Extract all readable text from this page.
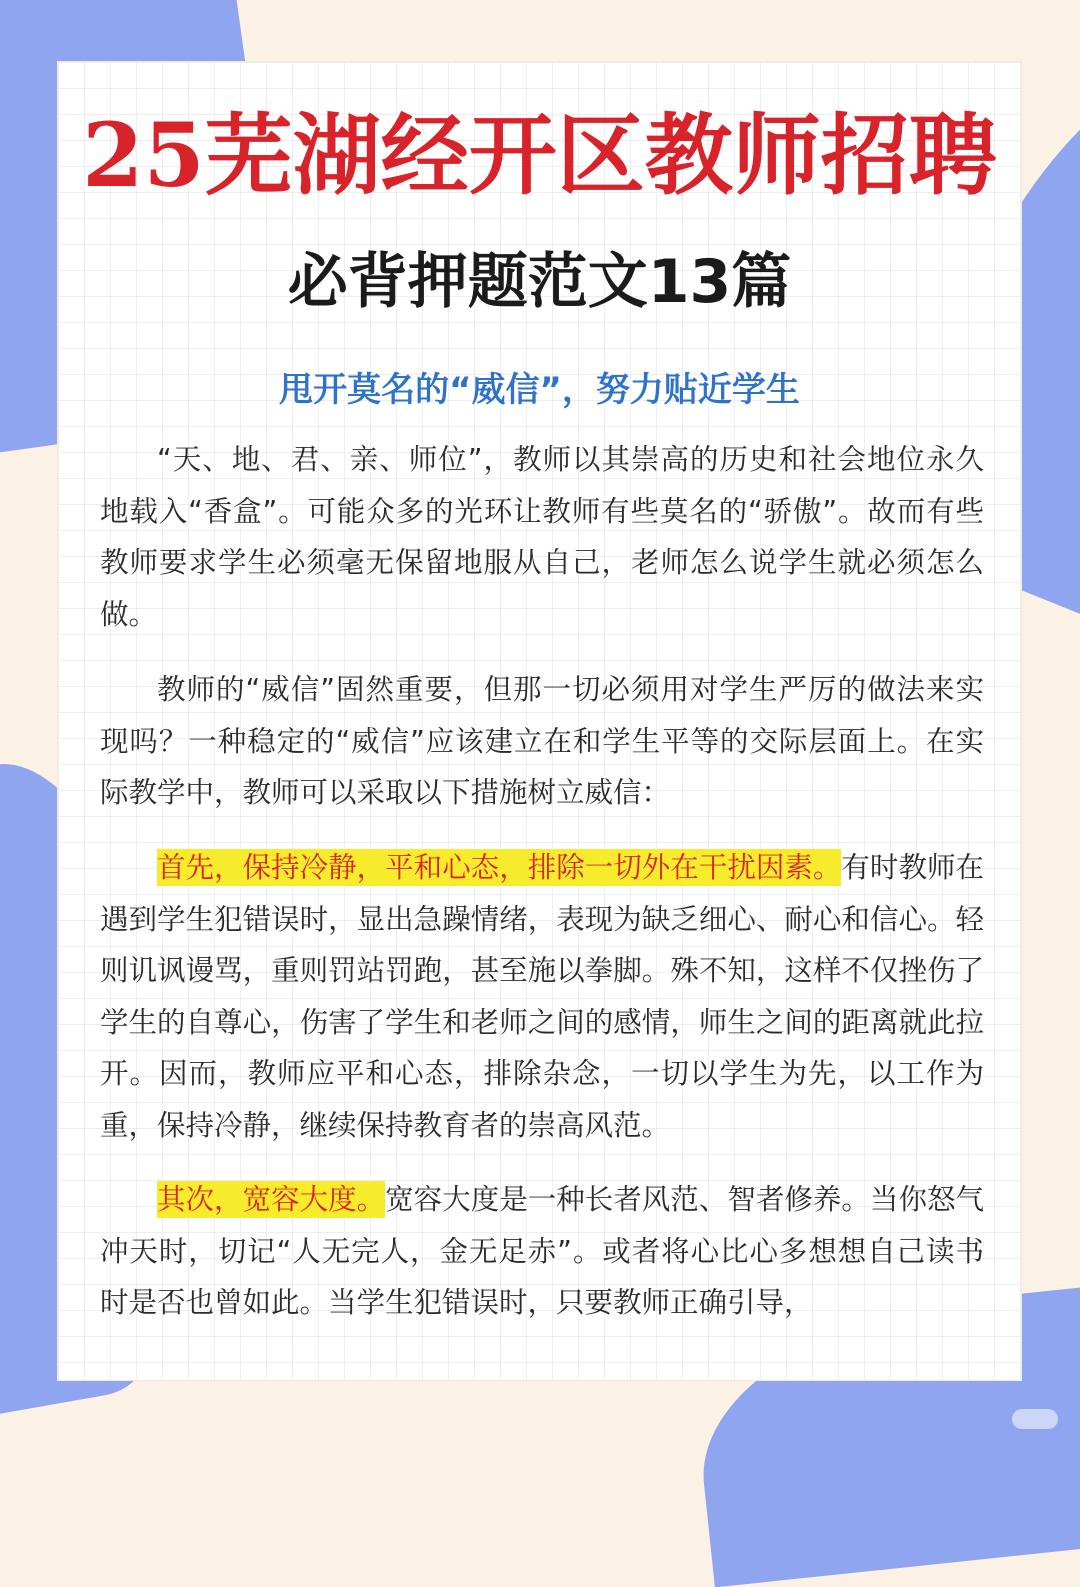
25芜湖经开区教师招聘
必背押题范文13篇
甩开莫名的“威信”，努力贴近学生

“天、地、君、亲、师位”，教师以其崇高的历史和社会地位永久地载入“香盒”。可能众多的光环让教师有些莫名的“骄傲”。故而有些教师要求学生必须毫无保留地服从自己，老师怎么说学生就必须怎么做。

教师的“威信”固然重要，但那一切必须用对学生严厉的做法来实现吗？一种稳定的“威信”应该建立在和学生平等的交际层面上。在实际教学中，教师可以采取以下措施树立威信：

首先，保持冷静，平和心态，排除一切外在干扰因素。有时教师在遇到学生犯错误时，显出急躁情绪，表现为缺乏细心、耐心和信心。轻则讥讽谩骂，重则罚站罚跑，甚至施以拳脚。殊不知，这样不仅挫伤了学生的自尊心，伤害了学生和老师之间的感情，师生之间的距离就此拉开。因而，教师应平和心态，排除杂念，一切以学生为先，以工作为重，保持冷静，继续保持教育者的崇高风范。

其次，宽容大度。宽容大度是一种长者风范、智者修养。当你怒气冲天时，切记“人无完人，金无足赤”。或者将心比心多想想自己读书时是否也曾如此。当学生犯错误时，只要教师正确引导，
